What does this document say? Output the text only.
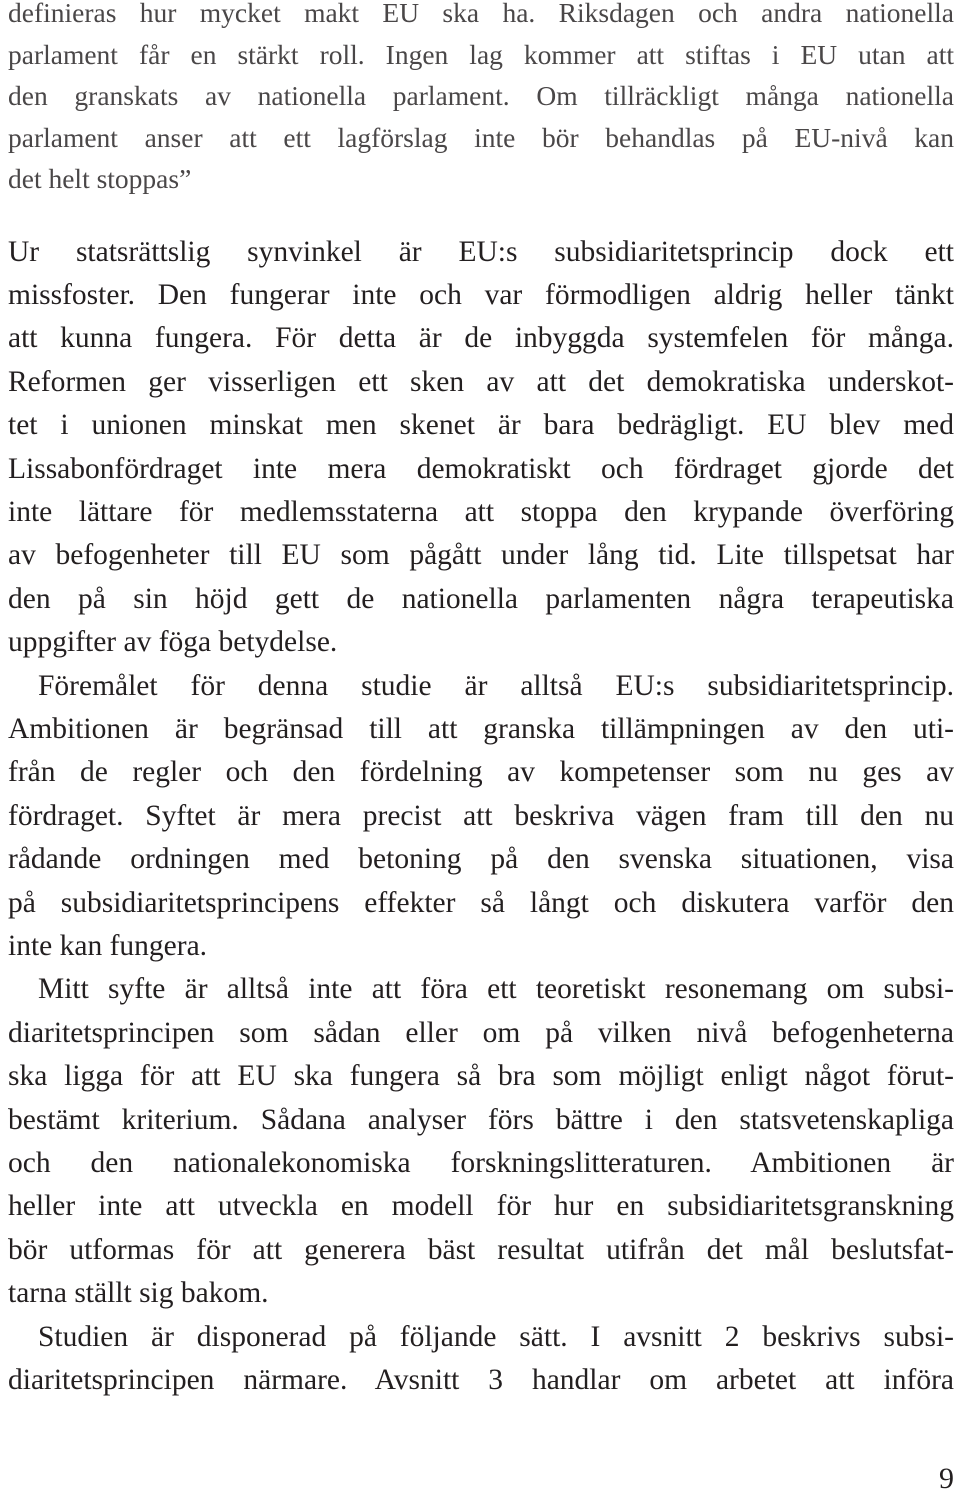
definieras hur mycket makt EU ska ha. Riksdagen och andra nationella
parlament får en stärkt roll. Ingen lag kommer att stiftas i EU utan att
den granskats av nationella parlament. Om tillräckligt många nationella
parlament anser att ett lagförslag inte bör behandlas på EU-nivå kan
det helt stoppas”
Ur statsrättslig synvinkel är EU:s subsidiaritetsprincip dock ett
missfoster. Den fungerar inte och var förmodligen aldrig heller tänkt
att kunna fungera. För detta är de inbyggda systemfelen för många.
Reformen ger visserligen ett sken av att det demokratiska underskot-
tet i unionen minskat men skenet är bara bedrägligt. EU blev med
Lissabonfördraget inte mera demokratiskt och fördraget gjorde det
inte lättare för medlemsstaterna att stoppa den krypande överföring
av befogenheter till EU som pågått under lång tid. Lite tillspetsat har
den på sin höjd gett de nationella parlamenten några terapeutiska
uppgifter av föga betydelse.
Föremålet för denna studie är alltså EU:s subsidiaritetsprincip.
Ambitionen är begränsad till att granska tillämpningen av den uti-
från de regler och den fördelning av kompetenser som nu ges av
fördraget. Syftet är mera precist att beskriva vägen fram till den nu
rådande ordningen med betoning på den svenska situationen, visa
på subsidiaritetsprincipens effekter så långt och diskutera varför den
inte kan fungera.
Mitt syfte är alltså inte att föra ett teoretiskt resonemang om subsi-
diaritetsprincipen som sådan eller om på vilken nivå befogenheterna
ska ligga för att EU ska fungera så bra som möjligt enligt något förut-
bestämt kriterium. Sådana analyser förs bättre i den statsvetenskapliga
och den nationalekonomiska forskningslitteraturen. Ambitionen är
heller inte att utveckla en modell för hur en subsidiaritetsgranskning
bör utformas för att generera bäst resultat utifrån det mål beslutsfat-
tarna ställt sig bakom.
Studien är disponerad på följande sätt. I avsnitt 2 beskrivs subsi-
diaritetsprincipen närmare. Avsnitt 3 handlar om arbetet att införa
9
